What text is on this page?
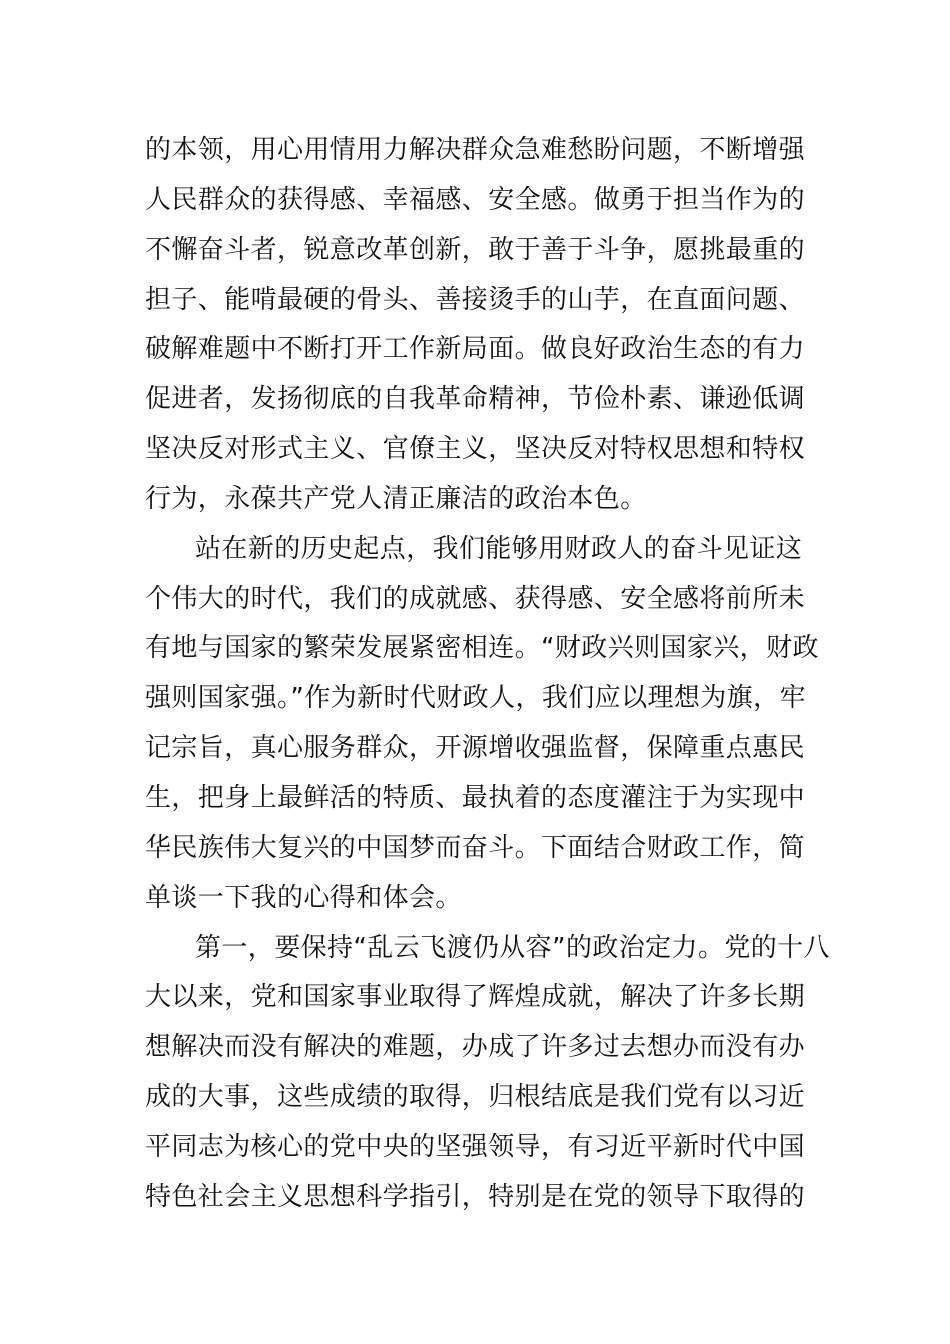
的本领，用心用情用力解决群众急难愁盼问题，不断增强
人民群众的获得感、幸福感、安全感。做勇于担当作为的
不懈奋斗者，锐意改革创新，敢于善于斗争，愿挑最重的
担子、能啃最硬的骨头、善接烫手的山芋，在直面问题、
破解难题中不断打开工作新局面。做良好政治生态的有力
促进者，发扬彻底的自我革命精神，节俭朴素、谦逊低调
坚决反对形式主义、官僚主义，坚决反对特权思想和特权
行为，永葆共产党人清正廉洁的政治本色。
站在新的历史起点，我们能够用财政人的奋斗见证这
个伟大的时代，我们的成就感、获得感、安全感将前所未
有地与国家的繁荣发展紧密相连。“财政兴则国家兴，财政
强则国家强。”作为新时代财政人，我们应以理想为旗，牢
记宗旨，真心服务群众，开源增收强监督，保障重点惠民
生，把身上最鲜活的特质、最执着的态度灌注于为实现中
华民族伟大复兴的中国梦而奋斗。下面结合财政工作，简
单谈一下我的心得和体会。
第一，要保持“乱云飞渡仍从容”的政治定力。党的十八
大以来，党和国家事业取得了辉煌成就，解决了许多长期
想解决而没有解决的难题，办成了许多过去想办而没有办
成的大事，这些成绩的取得，归根结底是我们党有以习近
平同志为核心的党中央的坚强领导，有习近平新时代中国
特色社会主义思想科学指引，特别是在党的领导下取得的
